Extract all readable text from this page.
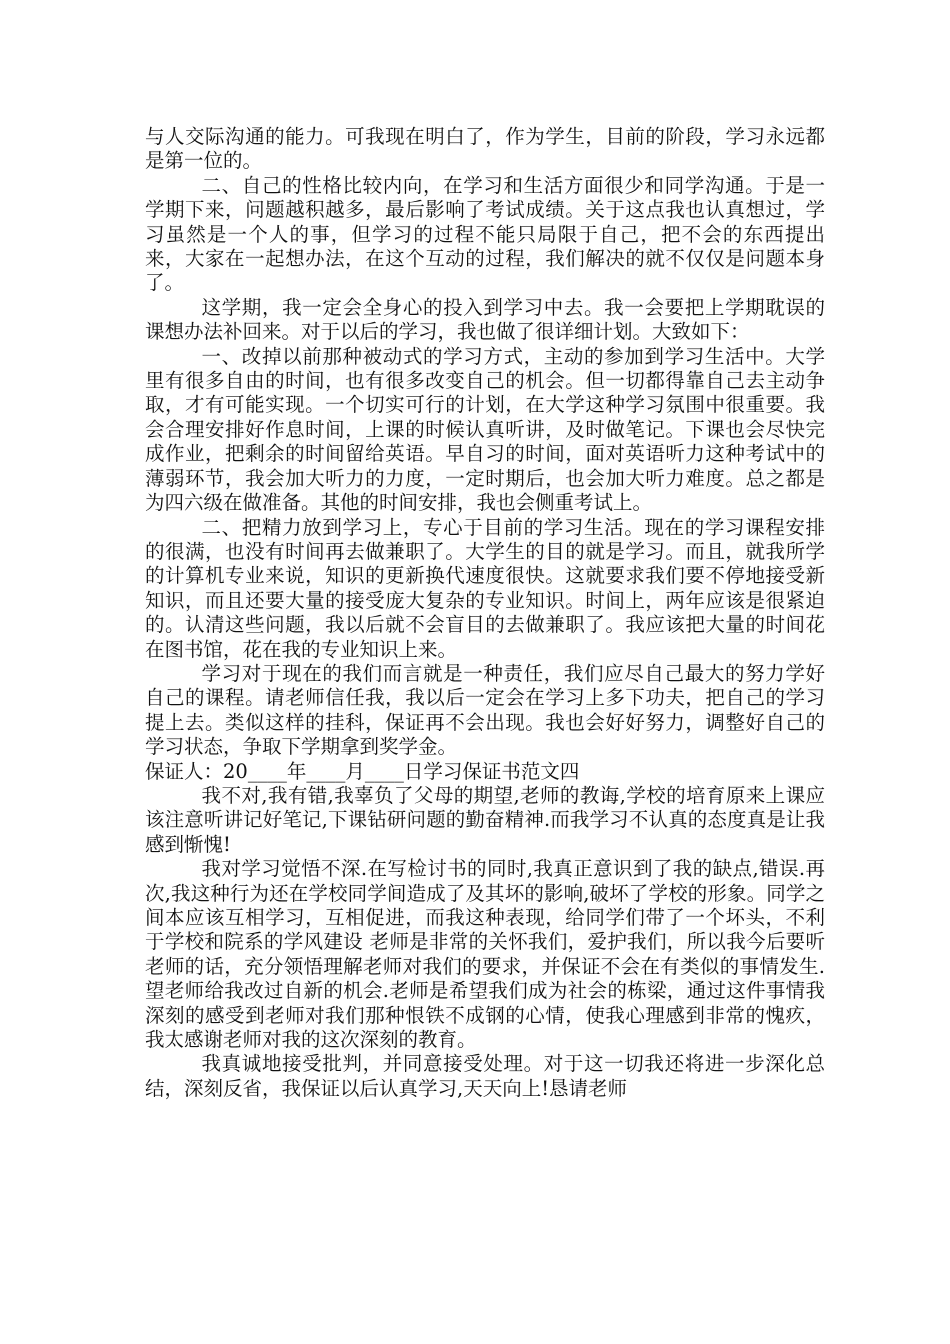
与人交际沟通的能力。可我现在明白了，作为学生，目前的阶段，学习永远都是第一位的。

二、自己的性格比较内向，在学习和生活方面很少和同学沟通。于是一学期下来，问题越积越多，最后影响了考试成绩。关于这点我也认真想过，学习虽然是一个人的事，但学习的过程不能只局限于自己，把不会的东西提出来，大家在一起想办法，在这个互动的过程，我们解决的就不仅仅是问题本身了。

这学期，我一定会全身心的投入到学习中去。我一会要把上学期耽误的课想办法补回来。对于以后的学习，我也做了很详细计划。大致如下：

一、改掉以前那种被动式的学习方式，主动的参加到学习生活中。大学里有很多自由的时间，也有很多改变自己的机会。但一切都得靠自己去主动争取，才有可能实现。一个切实可行的计划，在大学这种学习氛围中很重要。我会合理安排好作息时间，上课的时候认真听讲，及时做笔记。下课也会尽快完成作业，把剩余的时间留给英语。早自习的时间，面对英语听力这种考试中的薄弱环节，我会加大听力的力度，一定时期后，也会加大听力难度。总之都是为四六级在做准备。其他的时间安排，我也会侧重考试上。

二、把精力放到学习上，专心于目前的学习生活。现在的学习课程安排的很满，也没有时间再去做兼职了。大学生的目的就是学习。而且，就我所学的计算机专业来说，知识的更新换代速度很快。这就要求我们要不停地接受新知识，而且还要大量的接受庞大复杂的专业知识。时间上，两年应该是很紧迫的。认清这些问题，我以后就不会盲目的去做兼职了。我应该把大量的时间花在图书馆，花在我的专业知识上来。

学习对于现在的我们而言就是一种责任，我们应尽自己最大的努力学好自己的课程。请老师信任我，我以后一定会在学习上多下功夫，把自己的学习提上去。类似这样的挂科，保证再不会出现。我也会好好努力，调整好自己的学习状态，争取下学期拿到奖学金。

保证人：20____年____月____日学习保证书范文四

我不对,我有错,我辜负了父母的期望,老师的教诲,学校的培育原来上课应该注意听讲记好笔记,下课钻研问题的勤奋精神.而我学习不认真的态度真是让我感到惭愧!

我对学习觉悟不深.在写检讨书的同时,我真正意识到了我的缺点,错误.再次,我这种行为还在学校同学间造成了及其坏的影响,破坏了学校的形象。同学之间本应该互相学习，互相促进，而我这种表现，给同学们带了一个坏头，不利于学校和院系的学风建设 老师是非常的关怀我们，爱护我们，所以我今后要听老师的话，充分领悟理解老师对我们的要求，并保证不会在有类似的事情发生.望老师给我改过自新的机会.老师是希望我们成为社会的栋梁，通过这件事情我深刻的感受到老师对我们那种恨铁不成钢的心情，使我心理感到非常的愧疚，我太感谢老师对我的这次深刻的教育。

我真诚地接受批判，并同意接受处理。对于这一切我还将进一步深化总结，深刻反省，我保证以后认真学习,天天向上!恳请老师
